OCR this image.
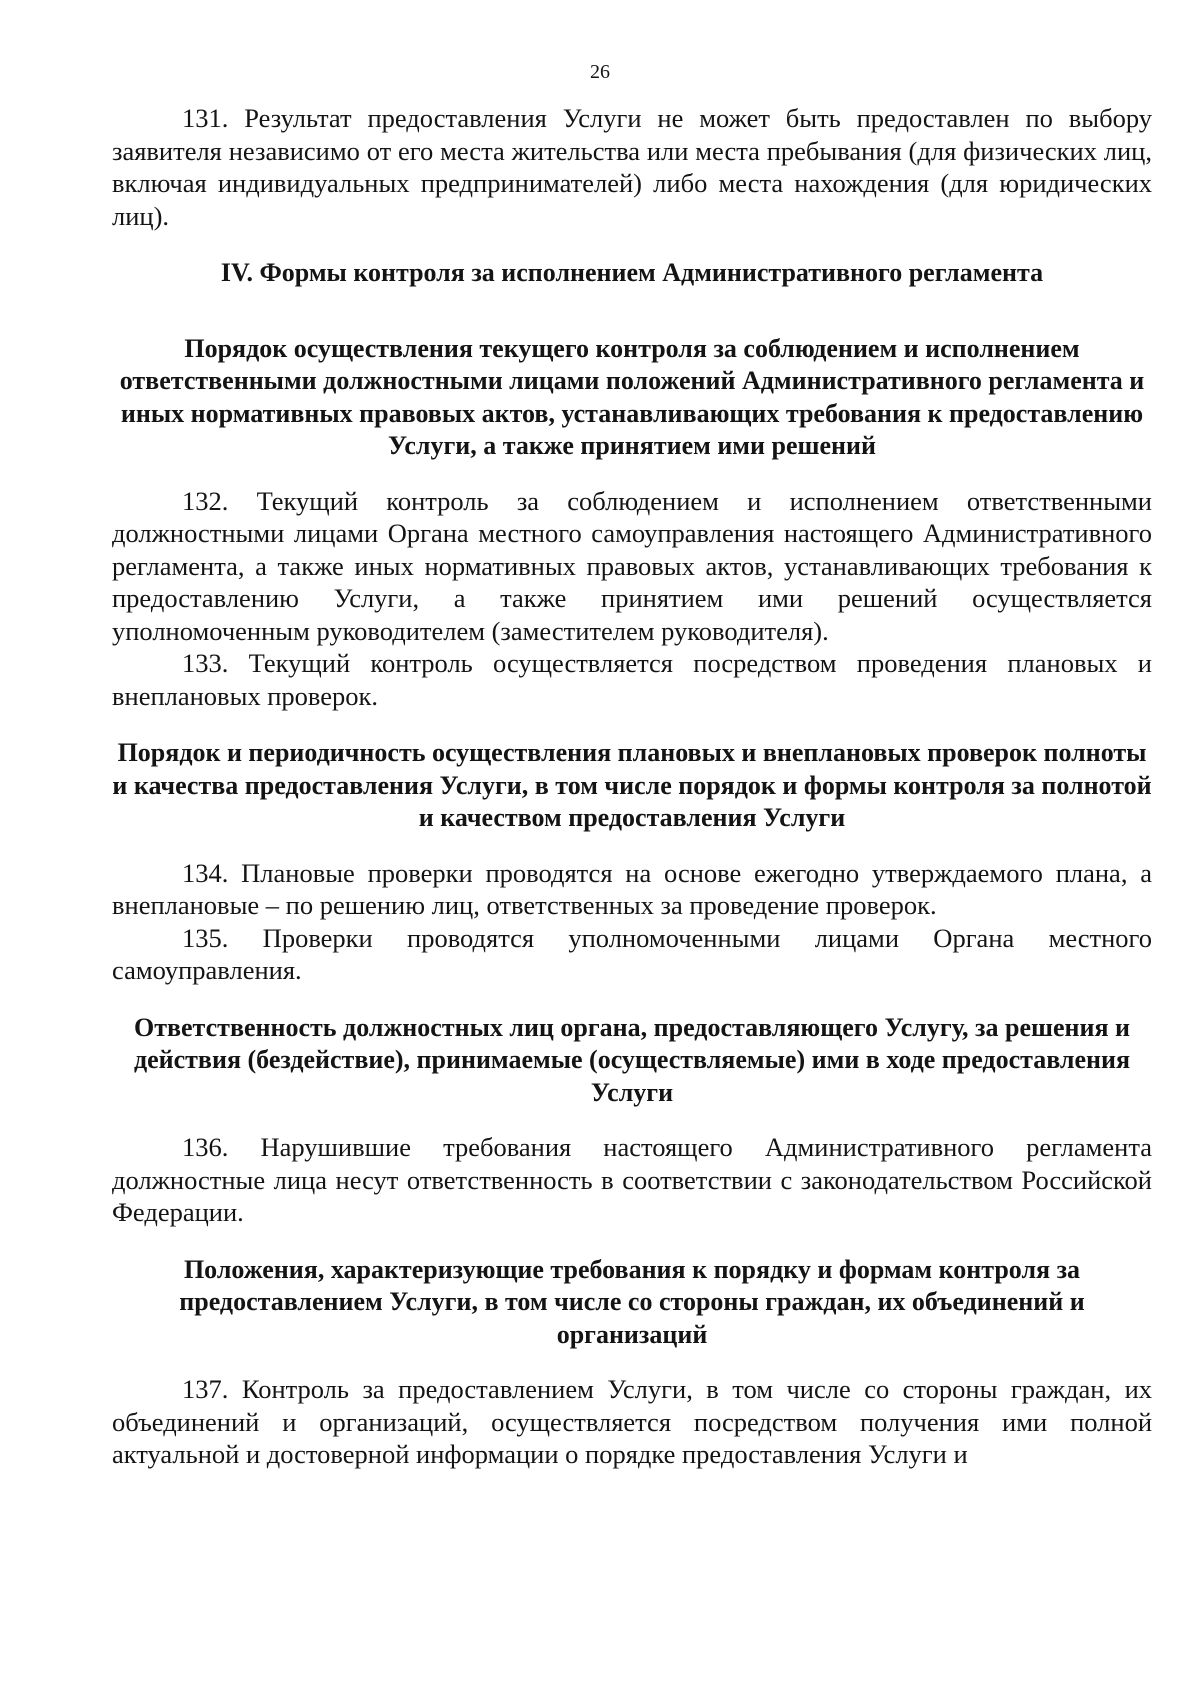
26

131. Результат предоставления Услуги не может быть предоставлен по выбору заявителя независимо от его места жительства или места пребывания (для физических лиц, включая индивидуальных предпринимателей) либо места нахождения (для юридических лиц).

IV. Формы контроля за исполнением Административного регламента
Порядок осуществления текущего контроля за соблюдением и исполнением ответственными должностными лицами положений Административного регламента и иных нормативных правовых актов, устанавливающих требования к предоставлению Услуги, а также принятием ими решений

132. Текущий контроль за соблюдением и исполнением ответственными должностными лицами Органа местного самоуправления настоящего Административного регламента, а также иных нормативных правовых актов, устанавливающих требования к предоставлению Услуги, а также принятием ими решений осуществляется уполномоченным руководителем (заместителем руководителя).

133. Текущий контроль осуществляется посредством проведения плановых и внеплановых проверок.

Порядок и периодичность осуществления плановых и внеплановых проверок полноты и качества предоставления Услуги, в том числе порядок и формы контроля за полнотой и качеством предоставления Услуги

134. Плановые проверки проводятся на основе ежегодно утверждаемого плана, а внеплановые – по решению лиц, ответственных за проведение проверок.

135. Проверки проводятся уполномоченными лицами Органа местного самоуправления.

Ответственность должностных лиц органа, предоставляющего Услугу, за решения и действия (бездействие), принимаемые (осуществляемые) ими в ходе предоставления Услуги

136. Нарушившие требования настоящего Административного регламента должностные лица несут ответственность в соответствии с законодательством Российской Федерации.

Положения, характеризующие требования к порядку и формам контроля за предоставлением Услуги, в том числе со стороны граждан, их объединений и организаций

137. Контроль за предоставлением Услуги, в том числе со стороны граждан, их объединений и организаций, осуществляется посредством получения ими полной актуальной и достоверной информации о порядке предоставления Услуги и
